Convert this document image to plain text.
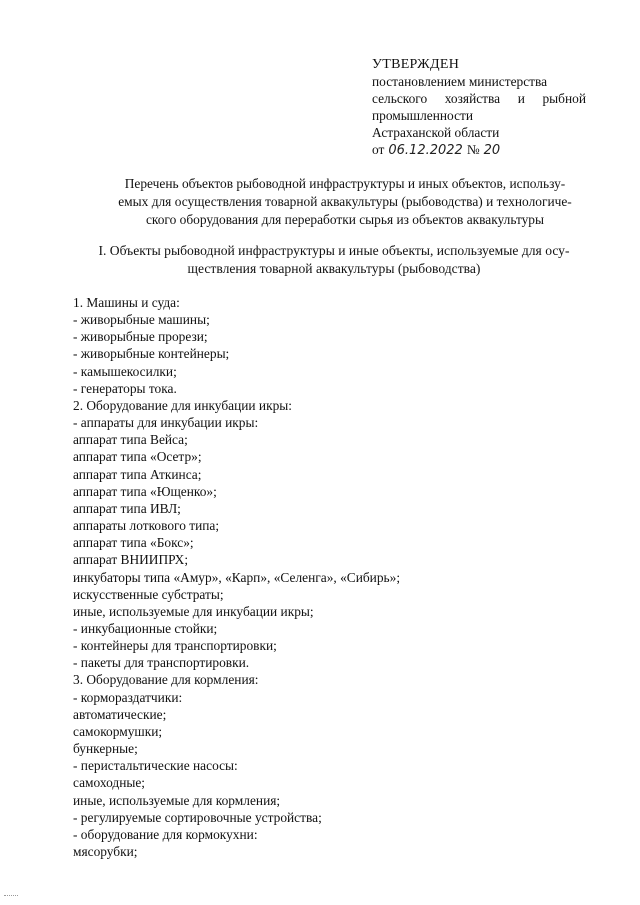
УТВЕРЖДЕН
постановлением министерства
сельского хозяйства и рыбной
промышленности
Астраханской области
от 06.12.2022 № 20
Перечень объектов рыбоводной инфраструктуры и иных объектов, использу-
емых для осуществления товарной аквакультуры (рыбоводства) и технологиче-
ского оборудования для переработки сырья из объектов аквакультуры
I. Объекты рыбоводной инфраструктуры и иные объекты, используемые для осу-
ществления товарной аквакультуры (рыбоводства)
1. Машины и суда:
- живорыбные машины;
- живорыбные прорези;
- живорыбные контейнеры;
- камышекосилки;
- генераторы тока.
2. Оборудование для инкубации икры:
- аппараты для инкубации икры:
аппарат типа Вейса;
аппарат типа «Осетр»;
аппарат типа Аткинса;
аппарат типа «Ющенко»;
аппарат типа ИВЛ;
аппараты лоткового типа;
аппарат типа «Бокс»;
аппарат ВНИИПРХ;
инкубаторы типа «Амур», «Карп», «Селенга», «Сибирь»;
искусственные субстраты;
иные, используемые для инкубации икры;
- инкубационные стойки;
- контейнеры для транспортировки;
- пакеты для транспортировки.
3. Оборудование для кормления:
- кормораздатчики:
автоматические;
самокормушки;
бункерные;
- перистальтические насосы:
самоходные;
иные, используемые для кормления;
- регулируемые сортировочные устройства;
- оборудование для кормокухни:
мясорубки;
